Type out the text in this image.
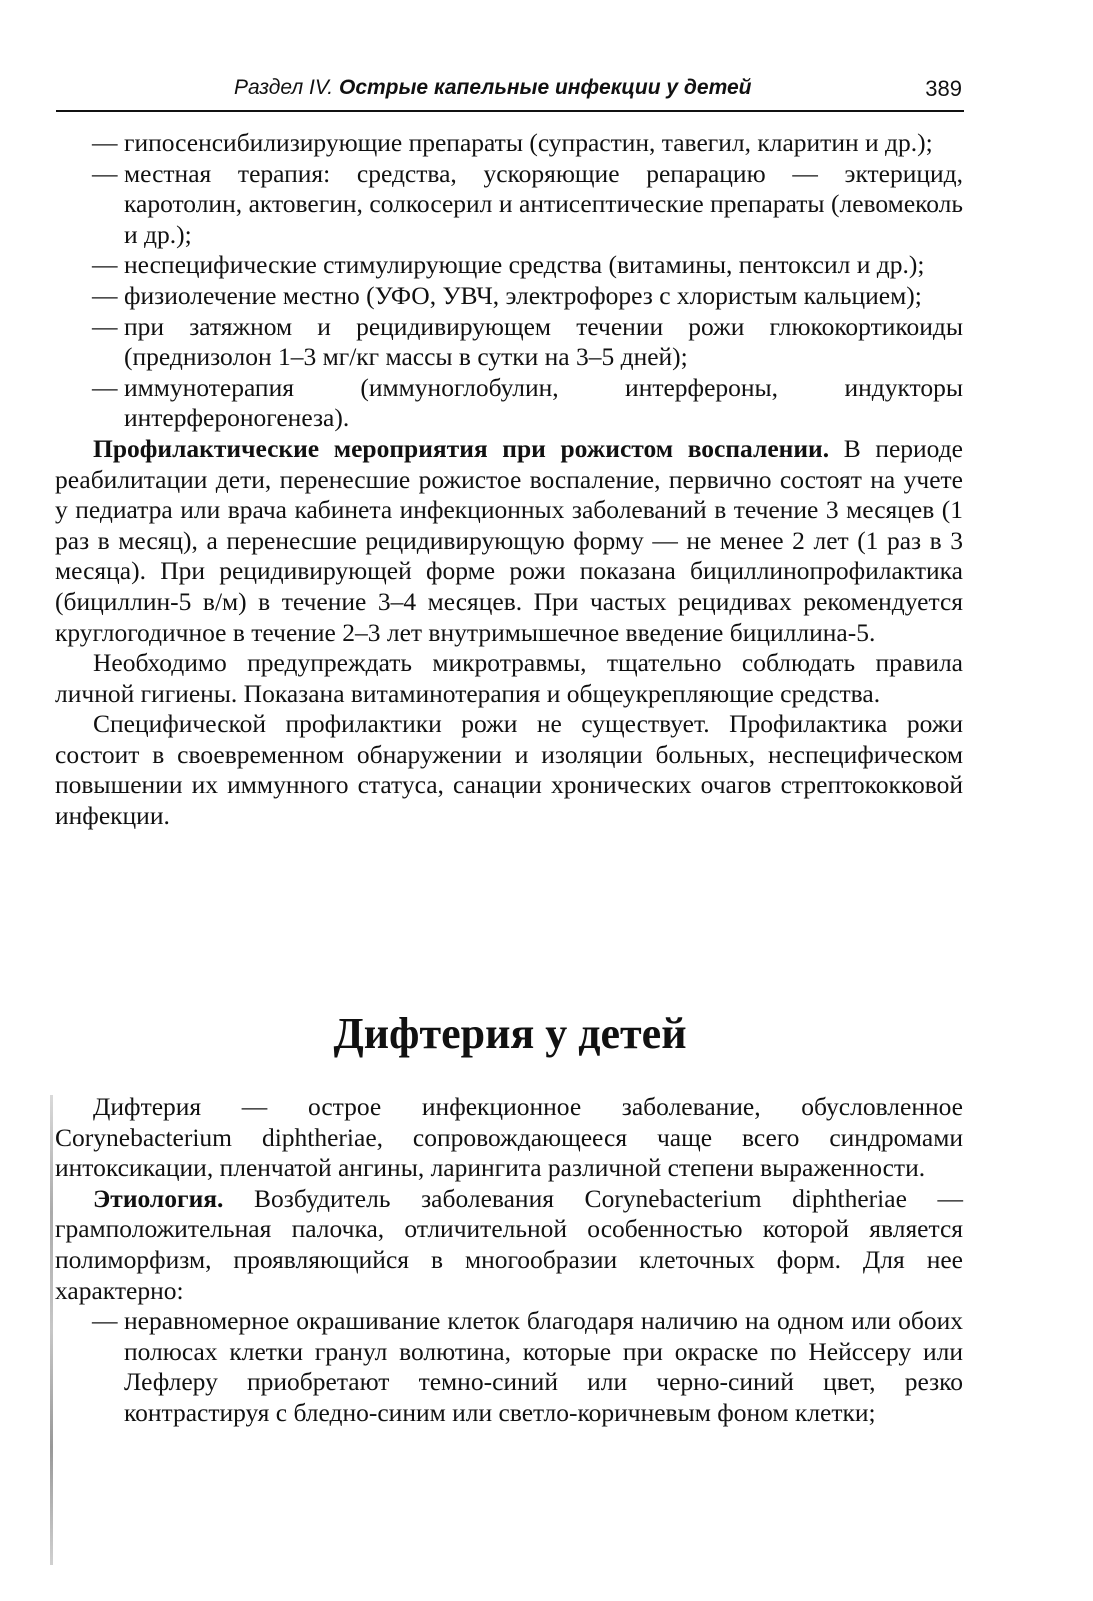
Раздел IV. Острые капельные инфекции у детей	389
— гипосенсибилизирующие препараты (супрастин, тавегил, кларитин и др.);
— местная терапия: средства, ускоряющие репарацию — эктерицид, каротолин, актовегин, солкосерил и антисептические препараты (левомеколь и др.);
— неспецифические стимулирующие средства (витамины, пентоксил и др.);
— физиолечение местно (УФО, УВЧ, электрофорез с хлористым кальцием);
— при затяжном и рецидивирующем течении рожи глюкокортикоиды (преднизолон 1–3 мг/кг массы в сутки на 3–5 дней);
— иммунотерапия (иммуноглобулин, интерфероны, индукторы интерфероногенеза).

Профилактические мероприятия при рожистом воспалении. В периоде реабилитации дети, перенесшие рожистое воспаление, первично состоят на учете у педиатра или врача кабинета инфекционных заболеваний в течение 3 месяцев (1 раз в месяц), а перенесшие рецидивирующую форму — не менее 2 лет (1 раз в 3 месяца). При рецидивирующей форме рожи показана бициллинопрофилактика (бициллин-5 в/м) в течение 3–4 месяцев. При частых рецидивах рекомендуется круглогодичное в течение 2–3 лет внутримышечное введение бициллина-5.

Необходимо предупреждать микротравмы, тщательно соблюдать правила личной гигиены. Показана витаминотерапия и общеукрепляющие средства.

Специфической профилактики рожи не существует. Профилактика рожи состоит в своевременном обнаружении и изоляции больных, неспецифическом повышении их иммунного статуса, санации хронических очагов стрептококковой инфекции.

Дифтерия у детей

Дифтерия — острое инфекционное заболевание, обусловленное Corynebacterium diphtheriae, сопровождающееся чаще всего синдромами интоксикации, пленчатой ангины, ларингита различной степени выраженности.

Этиология. Возбудитель заболевания Corynebacterium diphtheriae — грамположительная палочка, отличительной особенностью которой является полиморфизм, проявляющийся в многообразии клеточных форм. Для нее характерно:

— неравномерное окрашивание клеток благодаря наличию на одном или обоих полюсах клетки гранул волютина, которые при окраске по Нейссеру или Лефлеру приобретают темно-синий или черно-синий цвет, резко контрастируя с бледно-синим или светло-коричневым фоном клетки;
